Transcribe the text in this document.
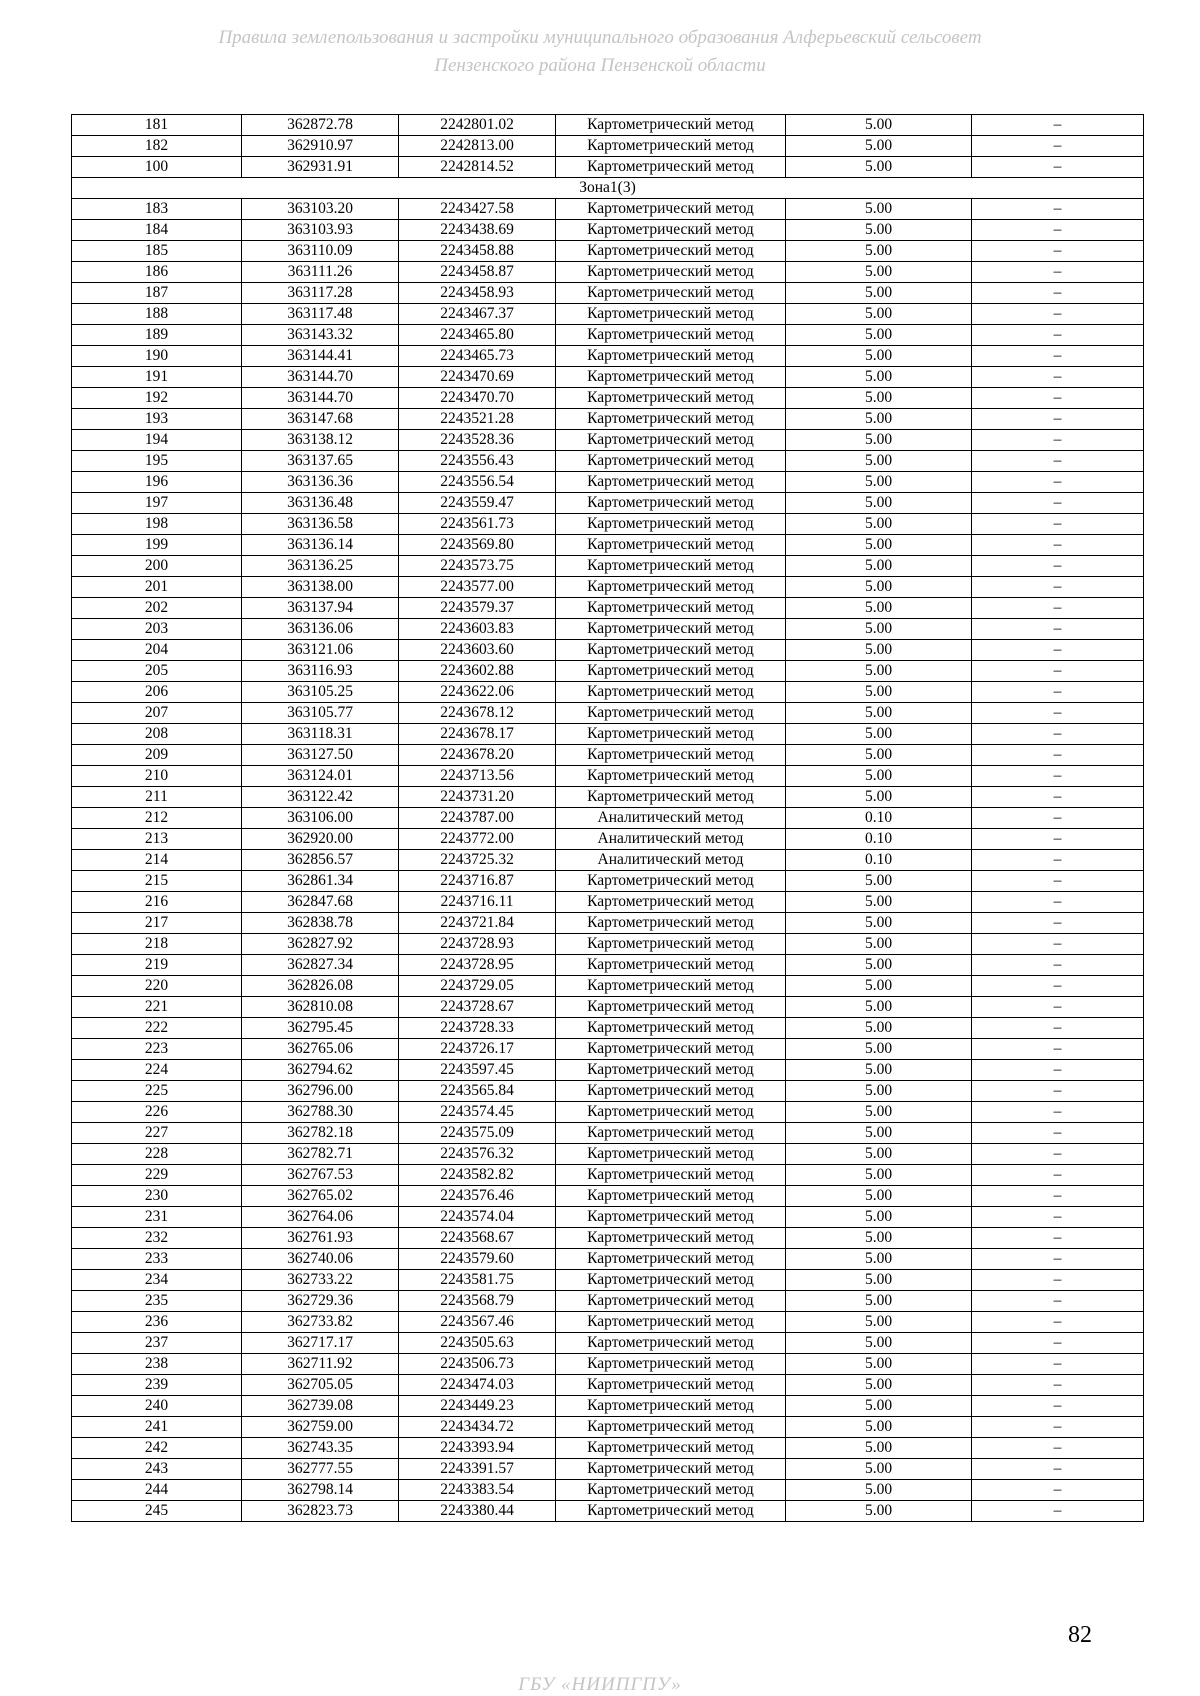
Правила землепользования и застройки муниципального образования Алферьевский сельсовет
Пензенского района Пензенской области
181	362872.78	2242801.02	Картометрический метод	5.00	–
182	362910.97	2242813.00	Картометрический метод	5.00	–
100	362931.91	2242814.52	Картометрический метод	5.00	–
Зона1(3)					
183	363103.20	2243427.58	Картометрический метод	5.00	–
184	363103.93	2243438.69	Картометрический метод	5.00	–
185	363110.09	2243458.88	Картометрический метод	5.00	–
186	363111.26	2243458.87	Картометрический метод	5.00	–
187	363117.28	2243458.93	Картометрический метод	5.00	–
188	363117.48	2243467.37	Картометрический метод	5.00	–
189	363143.32	2243465.80	Картометрический метод	5.00	–
190	363144.41	2243465.73	Картометрический метод	5.00	–
191	363144.70	2243470.69	Картометрический метод	5.00	–
192	363144.70	2243470.70	Картометрический метод	5.00	–
193	363147.68	2243521.28	Картометрический метод	5.00	–
194	363138.12	2243528.36	Картометрический метод	5.00	–
195	363137.65	2243556.43	Картометрический метод	5.00	–
196	363136.36	2243556.54	Картометрический метод	5.00	–
197	363136.48	2243559.47	Картометрический метод	5.00	–
198	363136.58	2243561.73	Картометрический метод	5.00	–
199	363136.14	2243569.80	Картометрический метод	5.00	–
200	363136.25	2243573.75	Картометрический метод	5.00	–
201	363138.00	2243577.00	Картометрический метод	5.00	–
202	363137.94	2243579.37	Картометрический метод	5.00	–
203	363136.06	2243603.83	Картометрический метод	5.00	–
204	363121.06	2243603.60	Картометрический метод	5.00	–
205	363116.93	2243602.88	Картометрический метод	5.00	–
206	363105.25	2243622.06	Картометрический метод	5.00	–
207	363105.77	2243678.12	Картометрический метод	5.00	–
208	363118.31	2243678.17	Картометрический метод	5.00	–
209	363127.50	2243678.20	Картометрический метод	5.00	–
210	363124.01	2243713.56	Картометрический метод	5.00	–
211	363122.42	2243731.20	Картометрический метод	5.00	–
212	363106.00	2243787.00	Аналитический метод	0.10	–
213	362920.00	2243772.00	Аналитический метод	0.10	–
214	362856.57	2243725.32	Аналитический метод	0.10	–
215	362861.34	2243716.87	Картометрический метод	5.00	–
216	362847.68	2243716.11	Картометрический метод	5.00	–
217	362838.78	2243721.84	Картометрический метод	5.00	–
218	362827.92	2243728.93	Картометрический метод	5.00	–
219	362827.34	2243728.95	Картометрический метод	5.00	–
220	362826.08	2243729.05	Картометрический метод	5.00	–
221	362810.08	2243728.67	Картометрический метод	5.00	–
222	362795.45	2243728.33	Картометрический метод	5.00	–
223	362765.06	2243726.17	Картометрический метод	5.00	–
224	362794.62	2243597.45	Картометрический метод	5.00	–
225	362796.00	2243565.84	Картометрический метод	5.00	–
226	362788.30	2243574.45	Картометрический метод	5.00	–
227	362782.18	2243575.09	Картометрический метод	5.00	–
228	362782.71	2243576.32	Картометрический метод	5.00	–
229	362767.53	2243582.82	Картометрический метод	5.00	–
230	362765.02	2243576.46	Картометрический метод	5.00	–
231	362764.06	2243574.04	Картометрический метод	5.00	–
232	362761.93	2243568.67	Картометрический метод	5.00	–
233	362740.06	2243579.60	Картометрический метод	5.00	–
234	362733.22	2243581.75	Картометрический метод	5.00	–
235	362729.36	2243568.79	Картометрический метод	5.00	–
236	362733.82	2243567.46	Картометрический метод	5.00	–
237	362717.17	2243505.63	Картометрический метод	5.00	–
238	362711.92	2243506.73	Картометрический метод	5.00	–
239	362705.05	2243474.03	Картометрический метод	5.00	–
240	362739.08	2243449.23	Картометрический метод	5.00	–
241	362759.00	2243434.72	Картометрический метод	5.00	–
242	362743.35	2243393.94	Картометрический метод	5.00	–
243	362777.55	2243391.57	Картометрический метод	5.00	–
244	362798.14	2243383.54	Картометрический метод	5.00	–
245	362823.73	2243380.44	Картометрический метод	5.00	–
82
ГБУ «НИИПГПУ»
